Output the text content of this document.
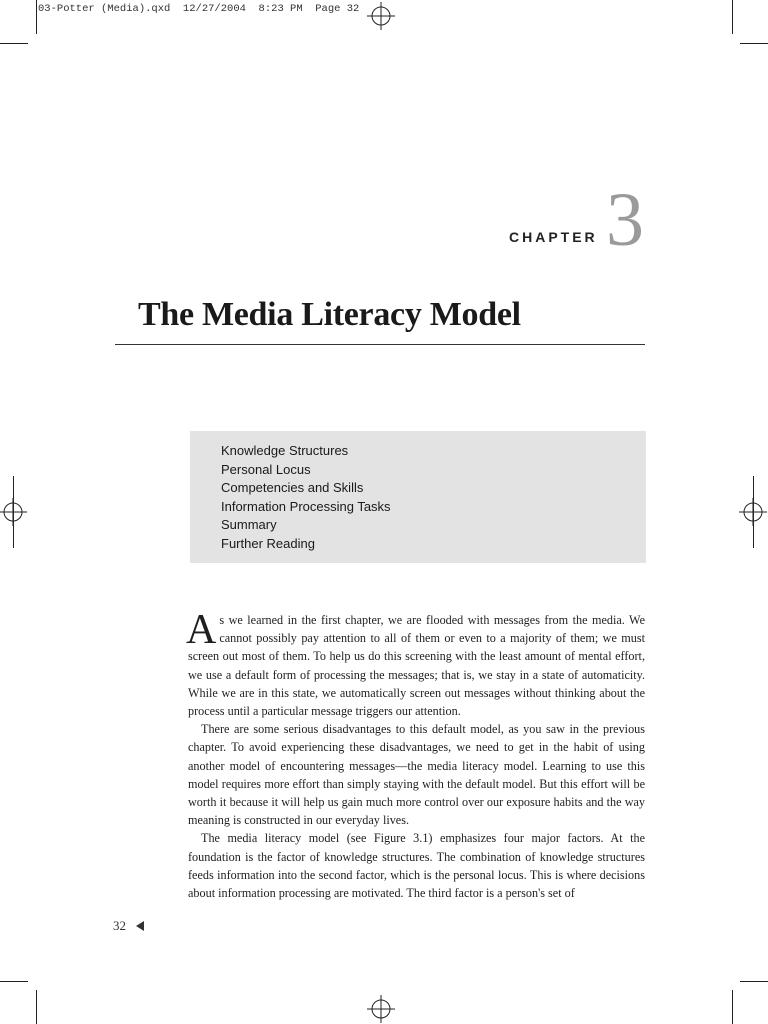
03-Potter (Media).qxd  12/27/2004  8:23 PM  Page 32
CHAPTER 3
The Media Literacy Model
Knowledge Structures
Personal Locus
Competencies and Skills
Information Processing Tasks
Summary
Further Reading

As we learned in the first chapter, we are flooded with messages from the media. We cannot possibly pay attention to all of them or even to a majority of them; we must screen out most of them. To help us do this screening with the least amount of mental effort, we use a default form of processing the messages; that is, we stay in a state of automaticity. While we are in this state, we automatically screen out messages without thinking about the process until a particular message triggers our attention.

There are some serious disadvantages to this default model, as you saw in the previous chapter. To avoid experiencing these disadvantages, we need to get in the habit of using another model of encountering messages—the media literacy model. Learning to use this model requires more effort than simply staying with the default model. But this effort will be worth it because it will help us gain much more control over our exposure habits and the way meaning is constructed in our everyday lives.

The media literacy model (see Figure 3.1) emphasizes four major factors. At the foundation is the factor of knowledge structures. The combination of knowledge structures feeds information into the second factor, which is the personal locus. This is where decisions about information processing are motivated. The third factor is a person's set of

32
